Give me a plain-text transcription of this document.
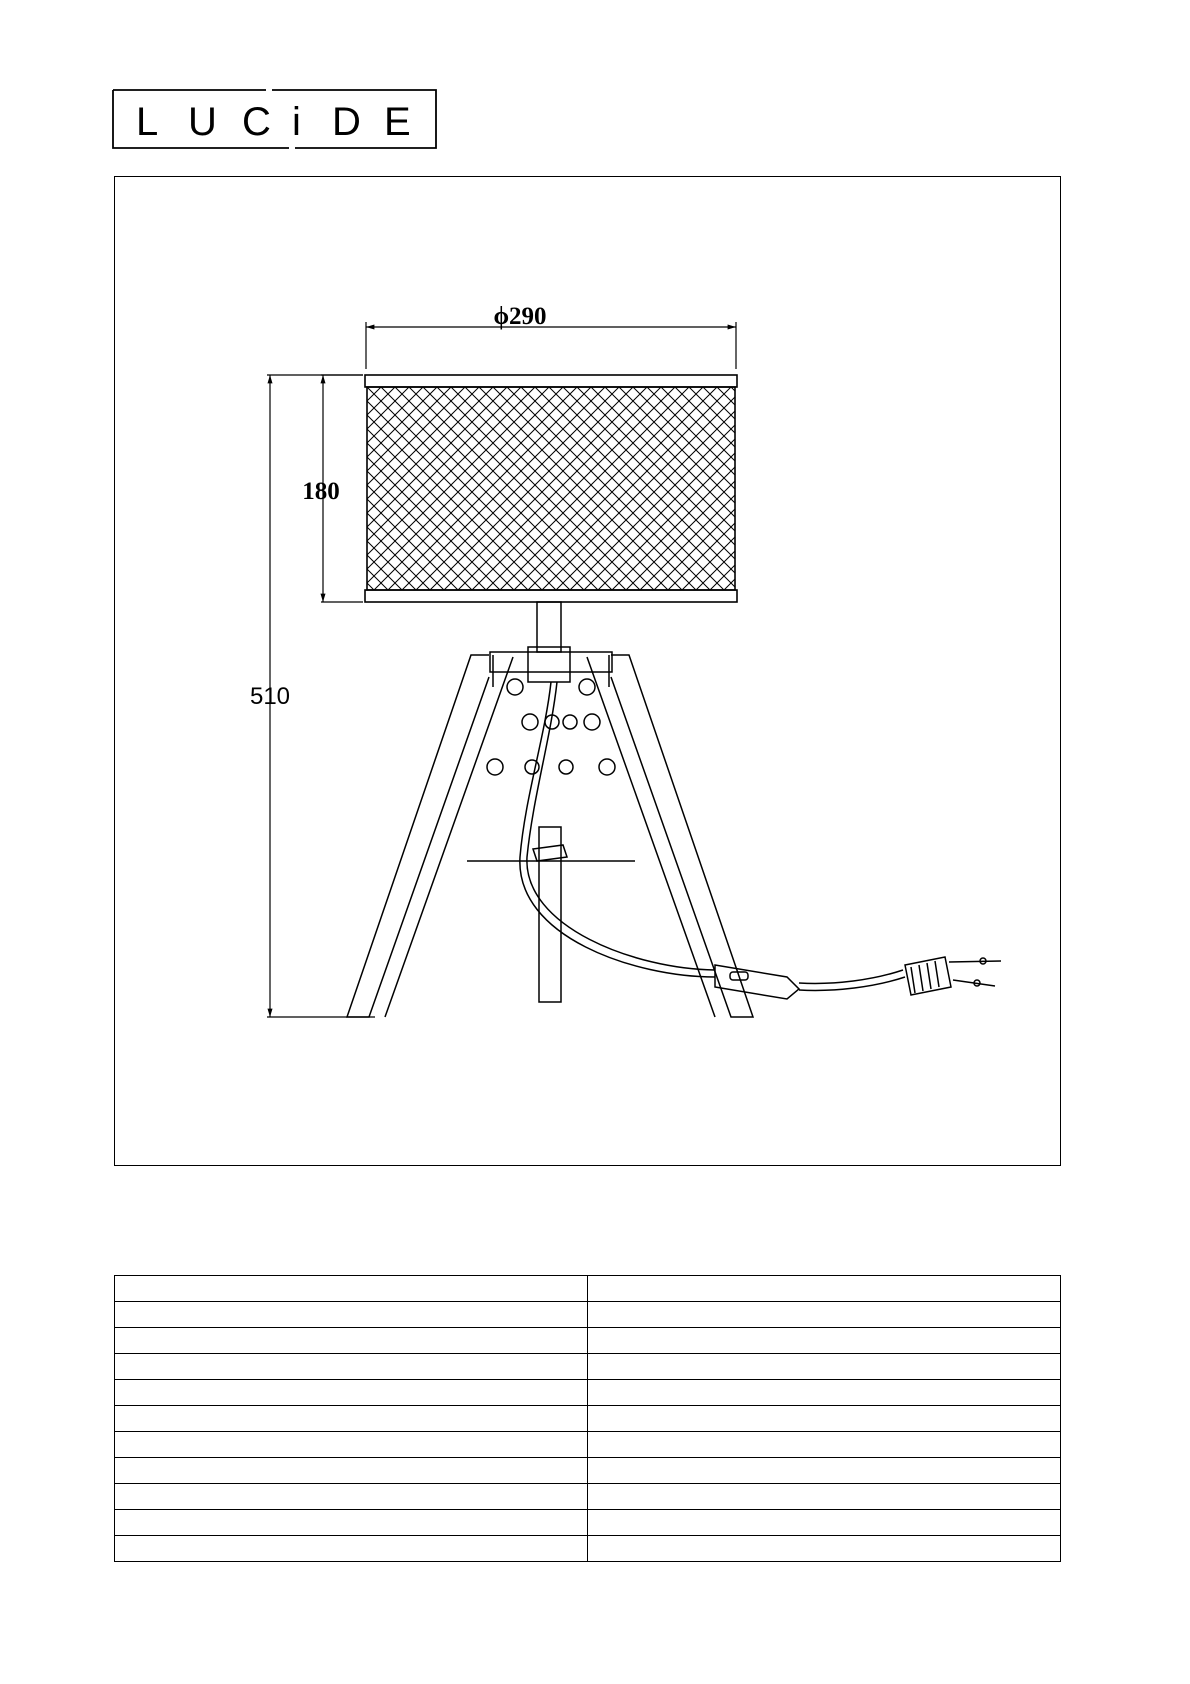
L U C i D E
ϕ290
180
510
